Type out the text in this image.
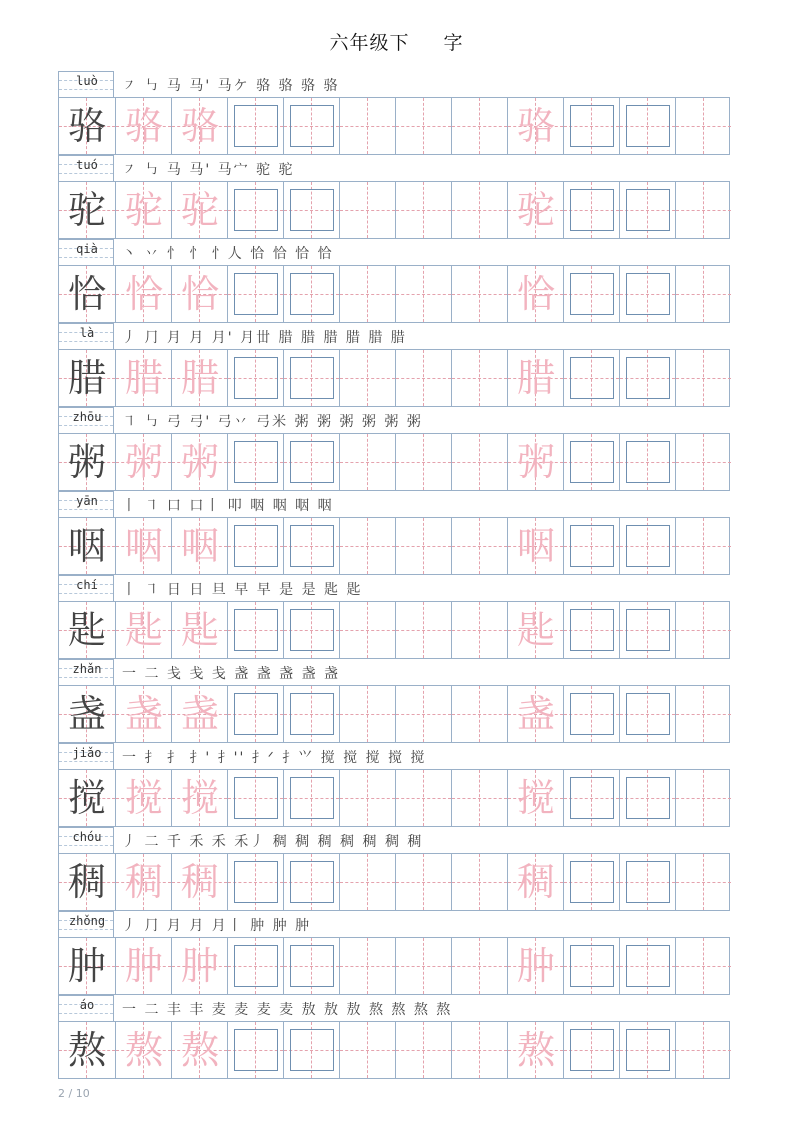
六年级下 字
luò	㇇ ㇉ 马 马' 马ケ 骆 骆 骆 骆
骆 骆 骆	骆
tuó	㇇ ㇉ 马 马' 马宀 驼 驼
驼 驼 驼	驼
qià	丶 丷 忄 忄 忄人 恰 恰 恰 恰
恰 恰 恰	恰
là	丿 ⺆ 月 月 月' 月丗 腊 腊 腊 腊 腊 腊
腊 腊 腊	腊
zhōu	㇕ ㇉ 弓 弓' 弓丷 弓米 粥 粥 粥 粥 粥 粥
粥 粥 粥	粥
yān	丨 ㇕ 口 口丨 叩 咽 咽 咽 咽
咽 咽 咽	咽
chí	丨 ㇕ 日 日 旦 早 早 是 是 匙 匙
匙 匙 匙	匙
zhǎn	一 二 戋 戋 戋 盏 盏 盏 盏 盏
盏 盏 盏	盏
jiǎo	一 扌 扌 扌' 扌'' 扌ᐟ 扌⺍ 搅 搅 搅 搅 搅
搅 搅 搅	搅
chóu	丿 二 千 禾 禾 禾丿 稠 稠 稠 稠 稠 稠 稠
稠 稠 稠	稠
zhǒng	丿 ⺆ 月 月 月丨 肿 肿 肿
肿 肿 肿	肿
áo	一 二 丰 丰 麦 麦 麦 麦 敖 敖 敖 熬 熬 熬 熬
熬 熬 熬	熬
2 / 10
